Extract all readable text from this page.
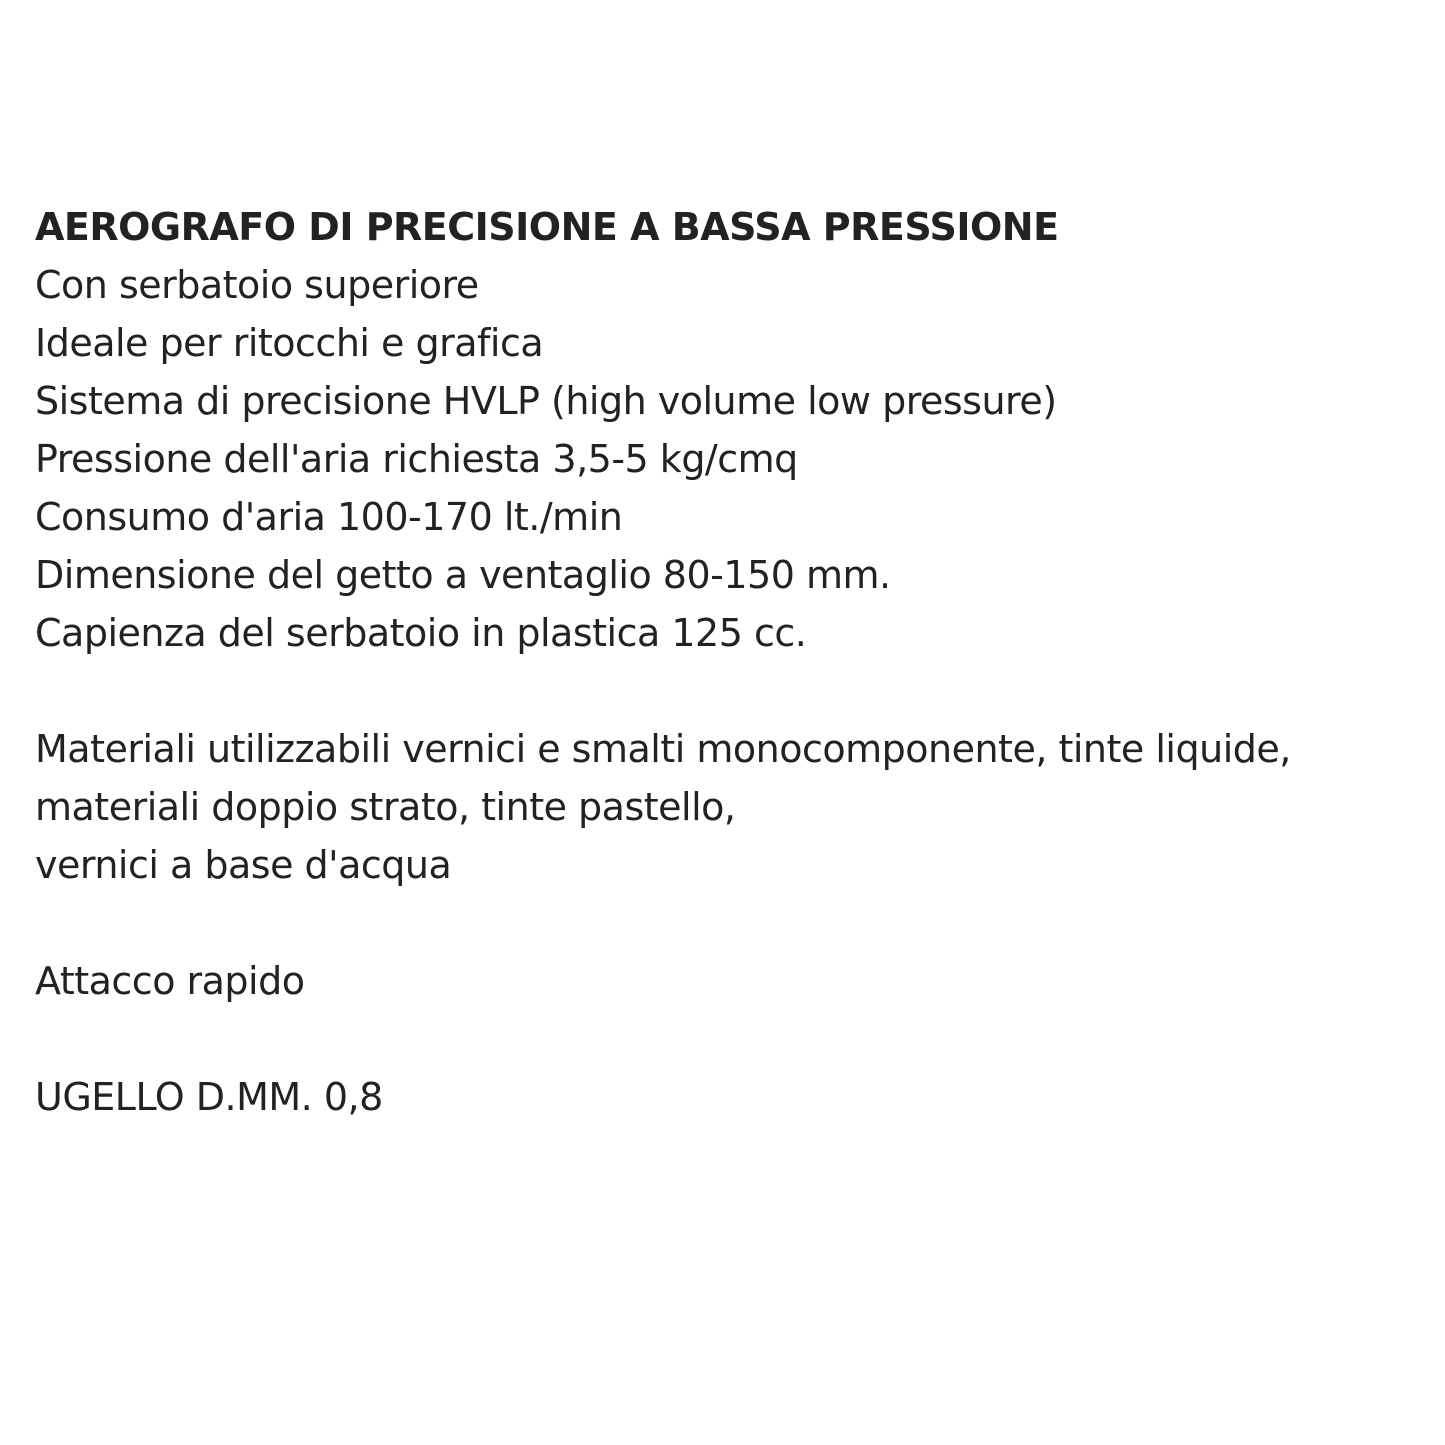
AEROGRAFO DI PRECISIONE A BASSA PRESSIONE
Con serbatoio superiore
Ideale per ritocchi e grafica
Sistema di precisione HVLP (high volume low pressure)
Pressione dell'aria richiesta 3,5-5 kg/cmq
Consumo d'aria 100-170 lt./min
Dimensione del getto a ventaglio 80-150 mm.
Capienza del serbatoio in plastica 125 cc.
Materiali utilizzabili vernici e smalti monocomponente, tinte liquide,
materiali doppio strato, tinte pastello,
vernici a base d'acqua
Attacco rapido
UGELLO D.MM. 0,8
